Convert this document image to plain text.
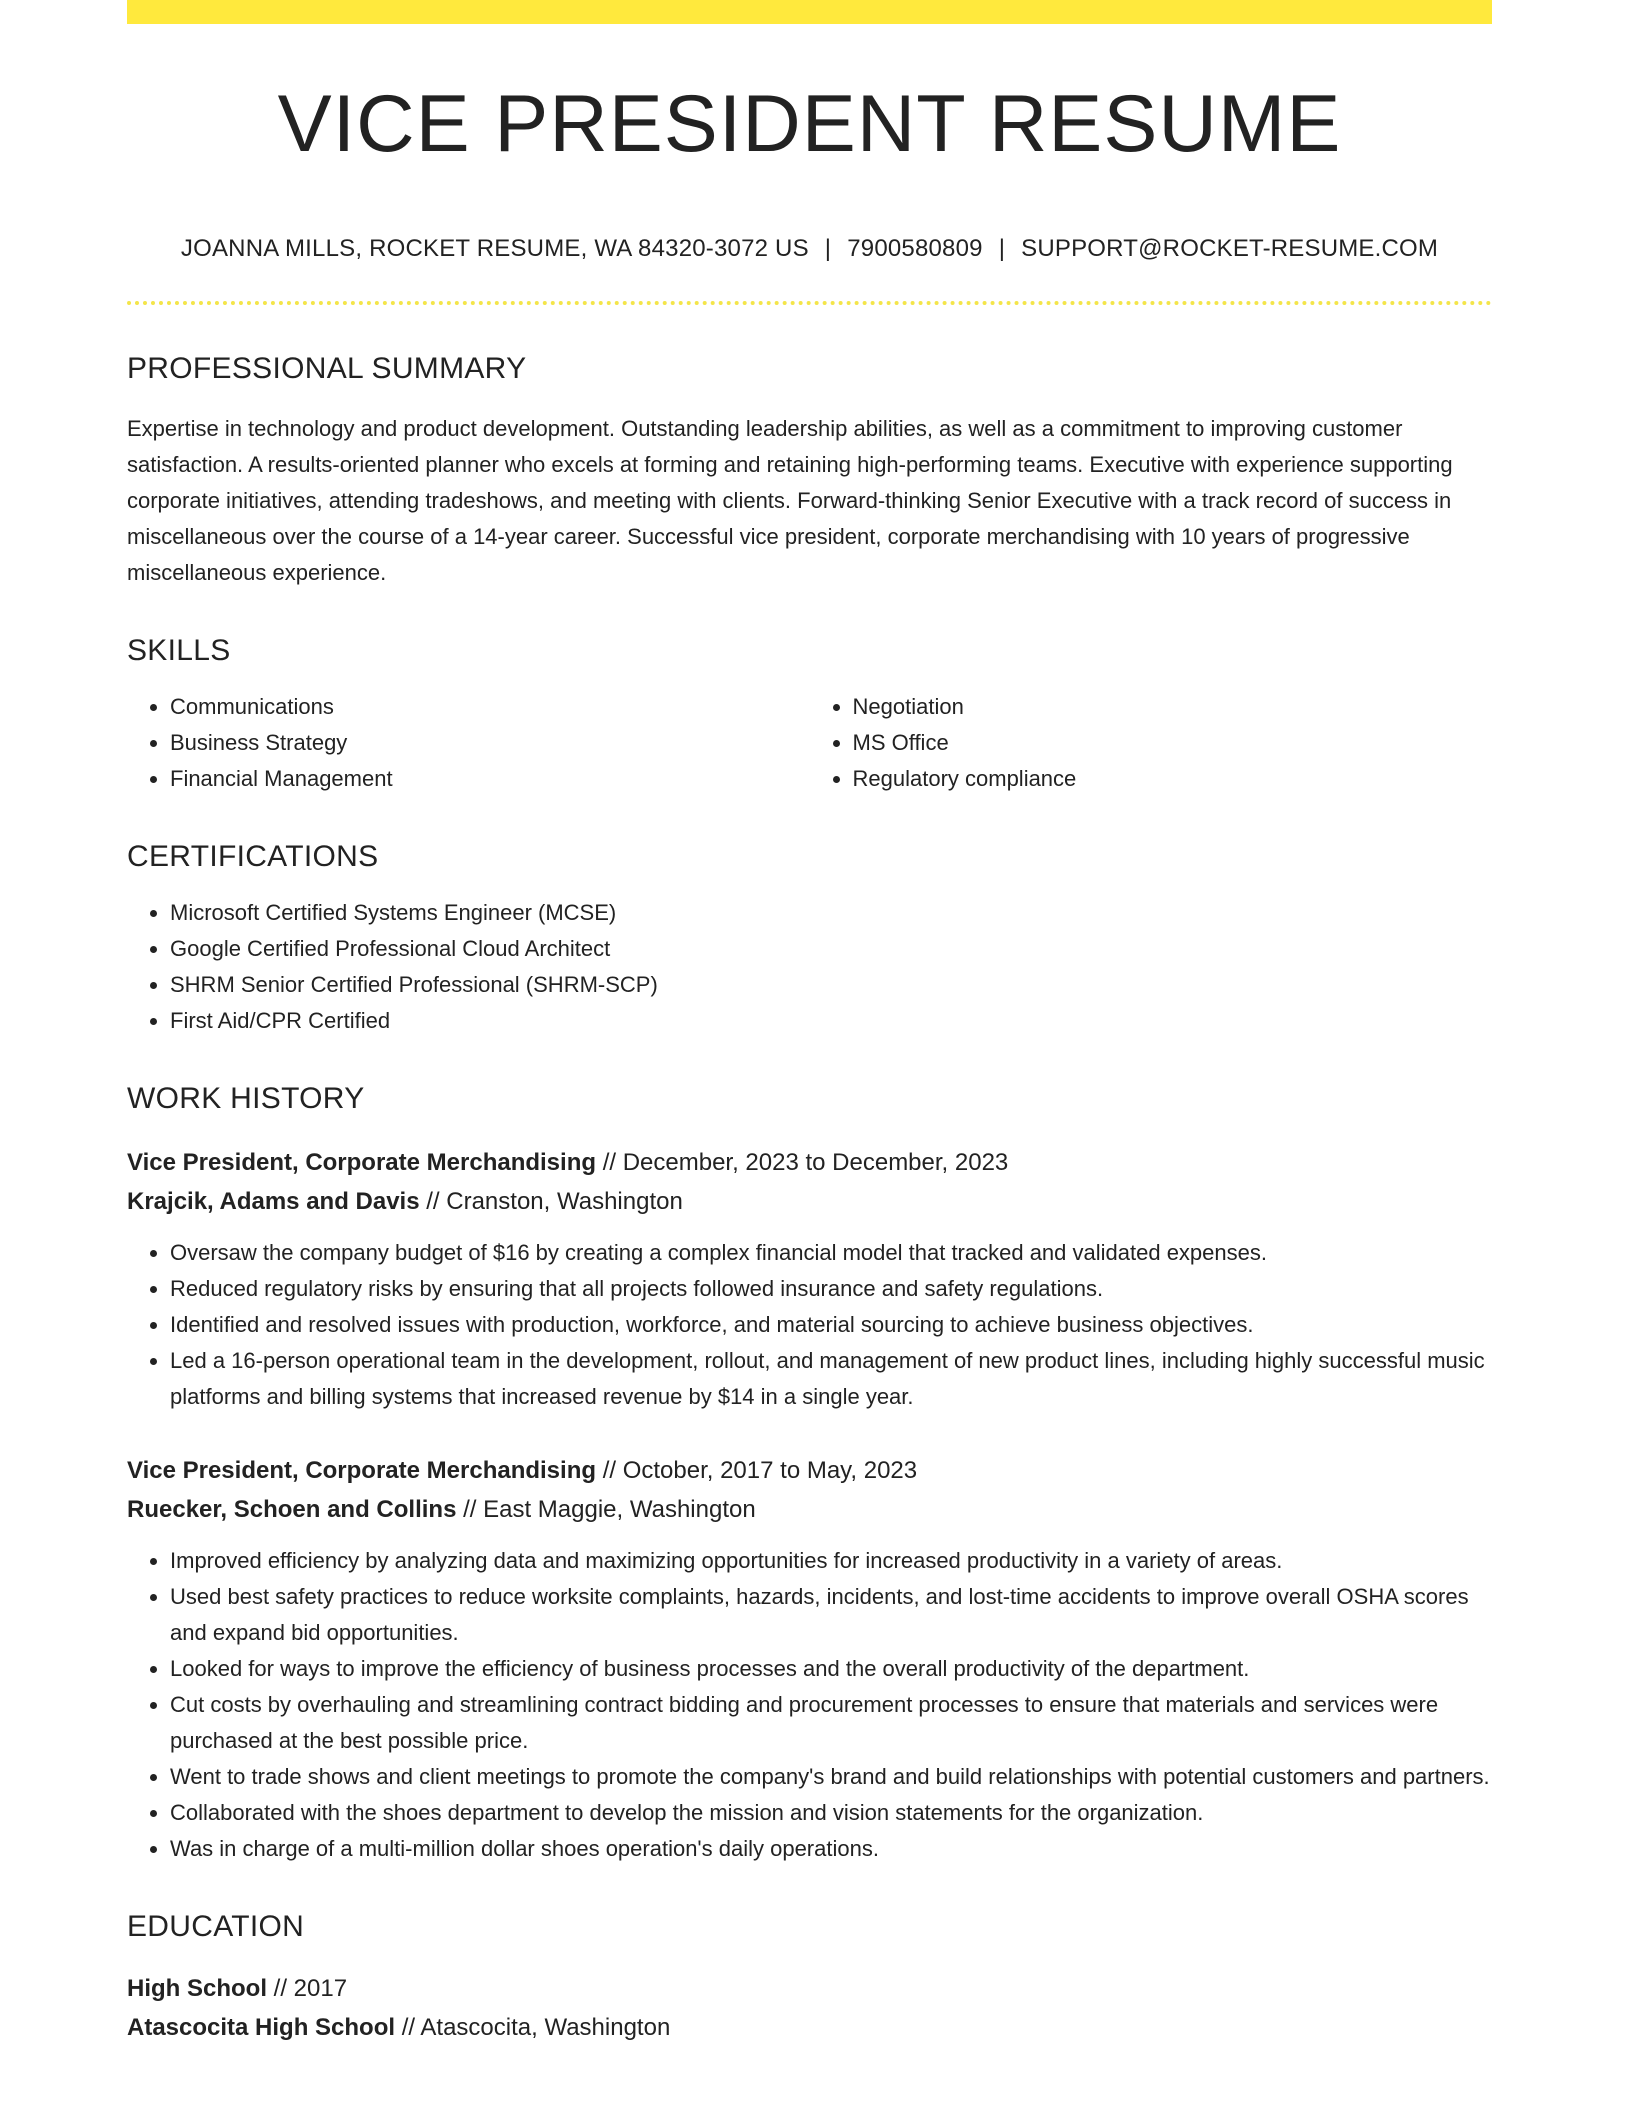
VICE PRESIDENT RESUME
JOANNA MILLS, ROCKET RESUME, WA 84320-3072 US | 7900580809 | SUPPORT@ROCKET-RESUME.COM
PROFESSIONAL SUMMARY
Expertise in technology and product development. Outstanding leadership abilities, as well as a commitment to improving customer satisfaction. A results-oriented planner who excels at forming and retaining high-performing teams. Executive with experience supporting corporate initiatives, attending tradeshows, and meeting with clients. Forward-thinking Senior Executive with a track record of success in miscellaneous over the course of a 14-year career. Successful vice president, corporate merchandising with 10 years of progressive miscellaneous experience.
SKILLS
• Communications
• Business Strategy
• Financial Management
• Negotiation
• MS Office
• Regulatory compliance
CERTIFICATIONS
• Microsoft Certified Systems Engineer (MCSE)
• Google Certified Professional Cloud Architect
• SHRM Senior Certified Professional (SHRM-SCP)
• First Aid/CPR Certified
WORK HISTORY
Vice President, Corporate Merchandising // December, 2023 to December, 2023
Krajcik, Adams and Davis // Cranston, Washington
• Oversaw the company budget of $16 by creating a complex financial model that tracked and validated expenses.
• Reduced regulatory risks by ensuring that all projects followed insurance and safety regulations.
• Identified and resolved issues with production, workforce, and material sourcing to achieve business objectives.
• Led a 16-person operational team in the development, rollout, and management of new product lines, including highly successful music platforms and billing systems that increased revenue by $14 in a single year.
Vice President, Corporate Merchandising // October, 2017 to May, 2023
Ruecker, Schoen and Collins // East Maggie, Washington
• Improved efficiency by analyzing data and maximizing opportunities for increased productivity in a variety of areas.
• Used best safety practices to reduce worksite complaints, hazards, incidents, and lost-time accidents to improve overall OSHA scores and expand bid opportunities.
• Looked for ways to improve the efficiency of business processes and the overall productivity of the department.
• Cut costs by overhauling and streamlining contract bidding and procurement processes to ensure that materials and services were purchased at the best possible price.
• Went to trade shows and client meetings to promote the company's brand and build relationships with potential customers and partners.
• Collaborated with the shoes department to develop the mission and vision statements for the organization.
• Was in charge of a multi-million dollar shoes operation's daily operations.
EDUCATION
High School // 2017
Atascocita High School // Atascocita, Washington
